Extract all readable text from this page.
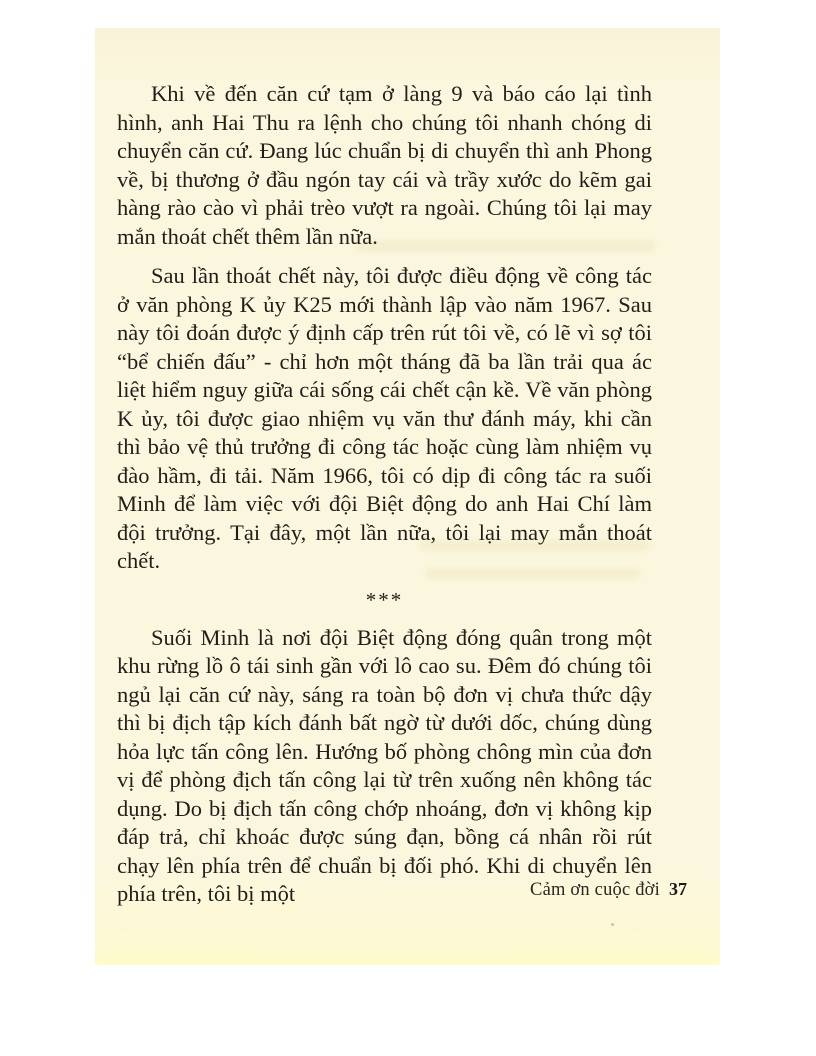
Khi về đến căn cứ tạm ở làng 9 và báo cáo lại tình hình, anh Hai Thu ra lệnh cho chúng tôi nhanh chóng di chuyển căn cứ. Đang lúc chuẩn bị di chuyển thì anh Phong về, bị thương ở đầu ngón tay cái và trầy xước do kẽm gai hàng rào cào vì phải trèo vượt ra ngoài. Chúng tôi lại may mắn thoát chết thêm lần nữa.

Sau lần thoát chết này, tôi được điều động về công tác ở văn phòng K ủy K25 mới thành lập vào năm 1967. Sau này tôi đoán được ý định cấp trên rút tôi về, có lẽ vì sợ tôi “bể chiến đấu” - chỉ hơn một tháng đã ba lần trải qua ác liệt hiểm nguy giữa cái sống cái chết cận kề. Về văn phòng K ủy, tôi được giao nhiệm vụ văn thư đánh máy, khi cần thì bảo vệ thủ trưởng đi công tác hoặc cùng làm nhiệm vụ đào hầm, đi tải. Năm 1966, tôi có dịp đi công tác ra suối Minh để làm việc với đội Biệt động do anh Hai Chí làm đội trưởng. Tại đây, một lần nữa, tôi lại may mắn thoát chết.

***

Suối Minh là nơi đội Biệt động đóng quân trong một khu rừng lồ ô tái sinh gần với lô cao su. Đêm đó chúng tôi ngủ lại căn cứ này, sáng ra toàn bộ đơn vị chưa thức dậy thì bị địch tập kích đánh bất ngờ từ dưới dốc, chúng dùng hỏa lực tấn công lên. Hướng bố phòng chông mìn của đơn vị để phòng địch tấn công lại từ trên xuống nên không tác dụng. Do bị địch tấn công chớp nhoáng, đơn vị không kịp đáp trả, chỉ khoác được súng đạn, bồng cá nhân rồi rút chạy lên phía trên để chuẩn bị đối phó. Khi di chuyển lên phía trên, tôi bị một	Cảm ơn cuộc đời 37
